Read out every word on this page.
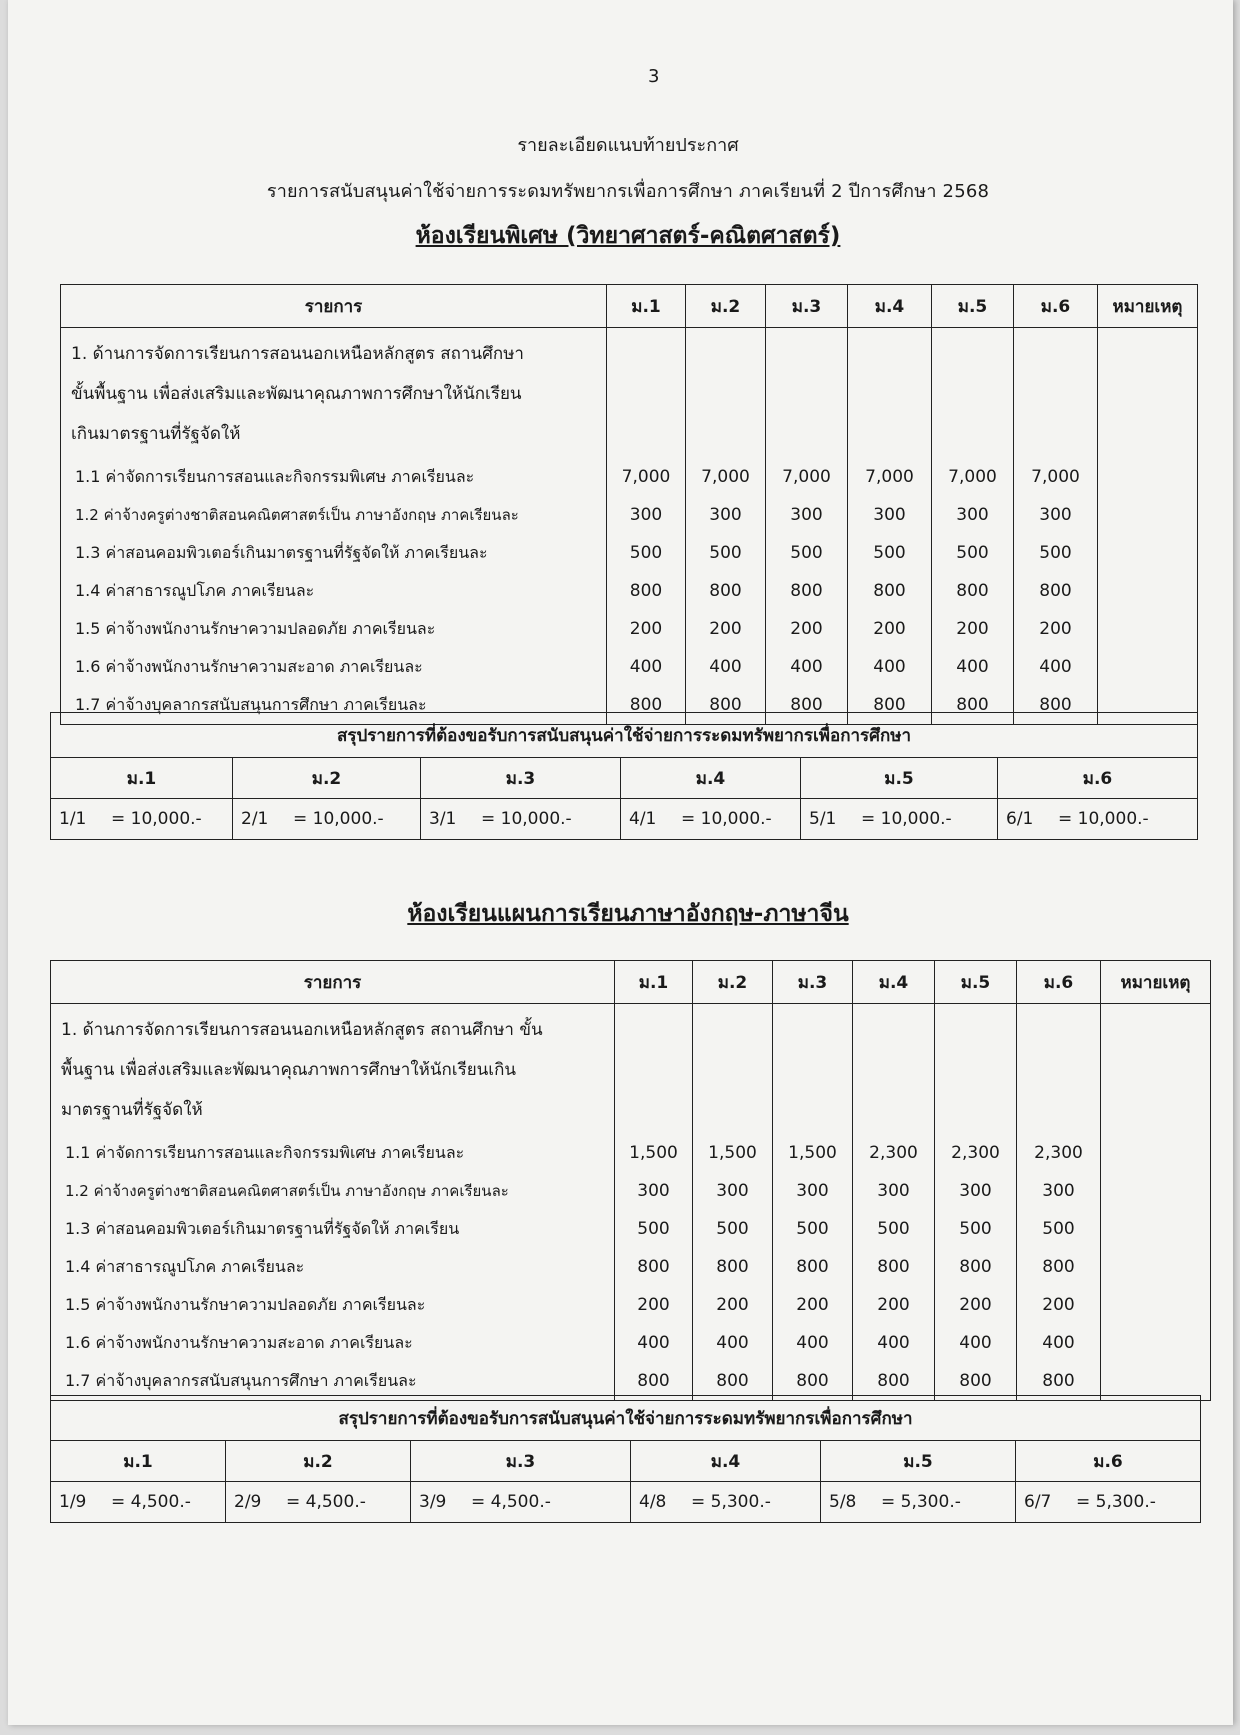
3
รายละเอียดแนบท้ายประกาศ
รายการสนับสนุนค่าใช้จ่ายการระดมทรัพยากรเพื่อการศึกษา ภาคเรียนที่ 2 ปีการศึกษา 2568
ห้องเรียนพิเศษ (วิทยาศาสตร์-คณิตศาสตร์)
รายการ	ม.1	ม.2	ม.3	ม.4	ม.5	ม.6	หมายเหตุ

1. ด้านการจัดการเรียนการสอนนอกเหนือหลักสูตร สถานศึกษา
ขั้นพื้นฐาน เพื่อส่งเสริมและพัฒนาคุณภาพการศึกษาให้นักเรียน
เกินมาตรฐานที่รัฐจัดให้							

1.1 ค่าจัดการเรียนการสอนและกิจกรรมพิเศษ ภาคเรียนละ	7,000	7,000	7,000	7,000	7,000	7,000	
1.2 ค่าจ้างครูต่างชาติสอนคณิตศาสตร์เป็น ภาษาอังกฤษ ภาคเรียนละ	300	300	300	300	300	300	
1.3 ค่าสอนคอมพิวเตอร์เกินมาตรฐานที่รัฐจัดให้ ภาคเรียนละ	500	500	500	500	500	500	
1.4 ค่าสาธารณูปโภค ภาคเรียนละ	800	800	800	800	800	800	
1.5 ค่าจ้างพนักงานรักษาความปลอดภัย ภาคเรียนละ	200	200	200	200	200	200	
1.6 ค่าจ้างพนักงานรักษาความสะอาด ภาคเรียนละ	400	400	400	400	400	400	
1.7 ค่าจ้างบุคลากรสนับสนุนการศึกษา ภาคเรียนละ	800	800	800	800	800	800	
สรุปรายการที่ต้องขอรับการสนับสนุนค่าใช้จ่ายการระดมทรัพยากรเพื่อการศึกษา					
ม.1	ม.2	ม.3	ม.4	ม.5	ม.6
1/1 = 10,000.-	2/1 = 10,000.-	3/1 = 10,000.-	4/1 = 10,000.-	5/1 = 10,000.-	6/1 = 10,000.-
ห้องเรียนแผนการเรียนภาษาอังกฤษ-ภาษาจีน
รายการ	ม.1	ม.2	ม.3	ม.4	ม.5	ม.6	หมายเหตุ

1. ด้านการจัดการเรียนการสอนนอกเหนือหลักสูตร สถานศึกษา ขั้น
พื้นฐาน เพื่อส่งเสริมและพัฒนาคุณภาพการศึกษาให้นักเรียนเกิน
มาตรฐานที่รัฐจัดให้							

1.1 ค่าจัดการเรียนการสอนและกิจกรรมพิเศษ ภาคเรียนละ	1,500	1,500	1,500	2,300	2,300	2,300	
1.2 ค่าจ้างครูต่างชาติสอนคณิตศาสตร์เป็น ภาษาอังกฤษ ภาคเรียนละ	300	300	300	300	300	300	
1.3 ค่าสอนคอมพิวเตอร์เกินมาตรฐานที่รัฐจัดให้ ภาคเรียน	500	500	500	500	500	500	
1.4 ค่าสาธารณูปโภค ภาคเรียนละ	800	800	800	800	800	800	
1.5 ค่าจ้างพนักงานรักษาความปลอดภัย ภาคเรียนละ	200	200	200	200	200	200	
1.6 ค่าจ้างพนักงานรักษาความสะอาด ภาคเรียนละ	400	400	400	400	400	400	
1.7 ค่าจ้างบุคลากรสนับสนุนการศึกษา ภาคเรียนละ	800	800	800	800	800	800	
สรุปรายการที่ต้องขอรับการสนับสนุนค่าใช้จ่ายการระดมทรัพยากรเพื่อการศึกษา					
ม.1	ม.2	ม.3	ม.4	ม.5	ม.6
1/9 = 4,500.-	2/9 = 4,500.-	3/9 = 4,500.-	4/8 = 5,300.-	5/8 = 5,300.-	6/7 = 5,300.-
